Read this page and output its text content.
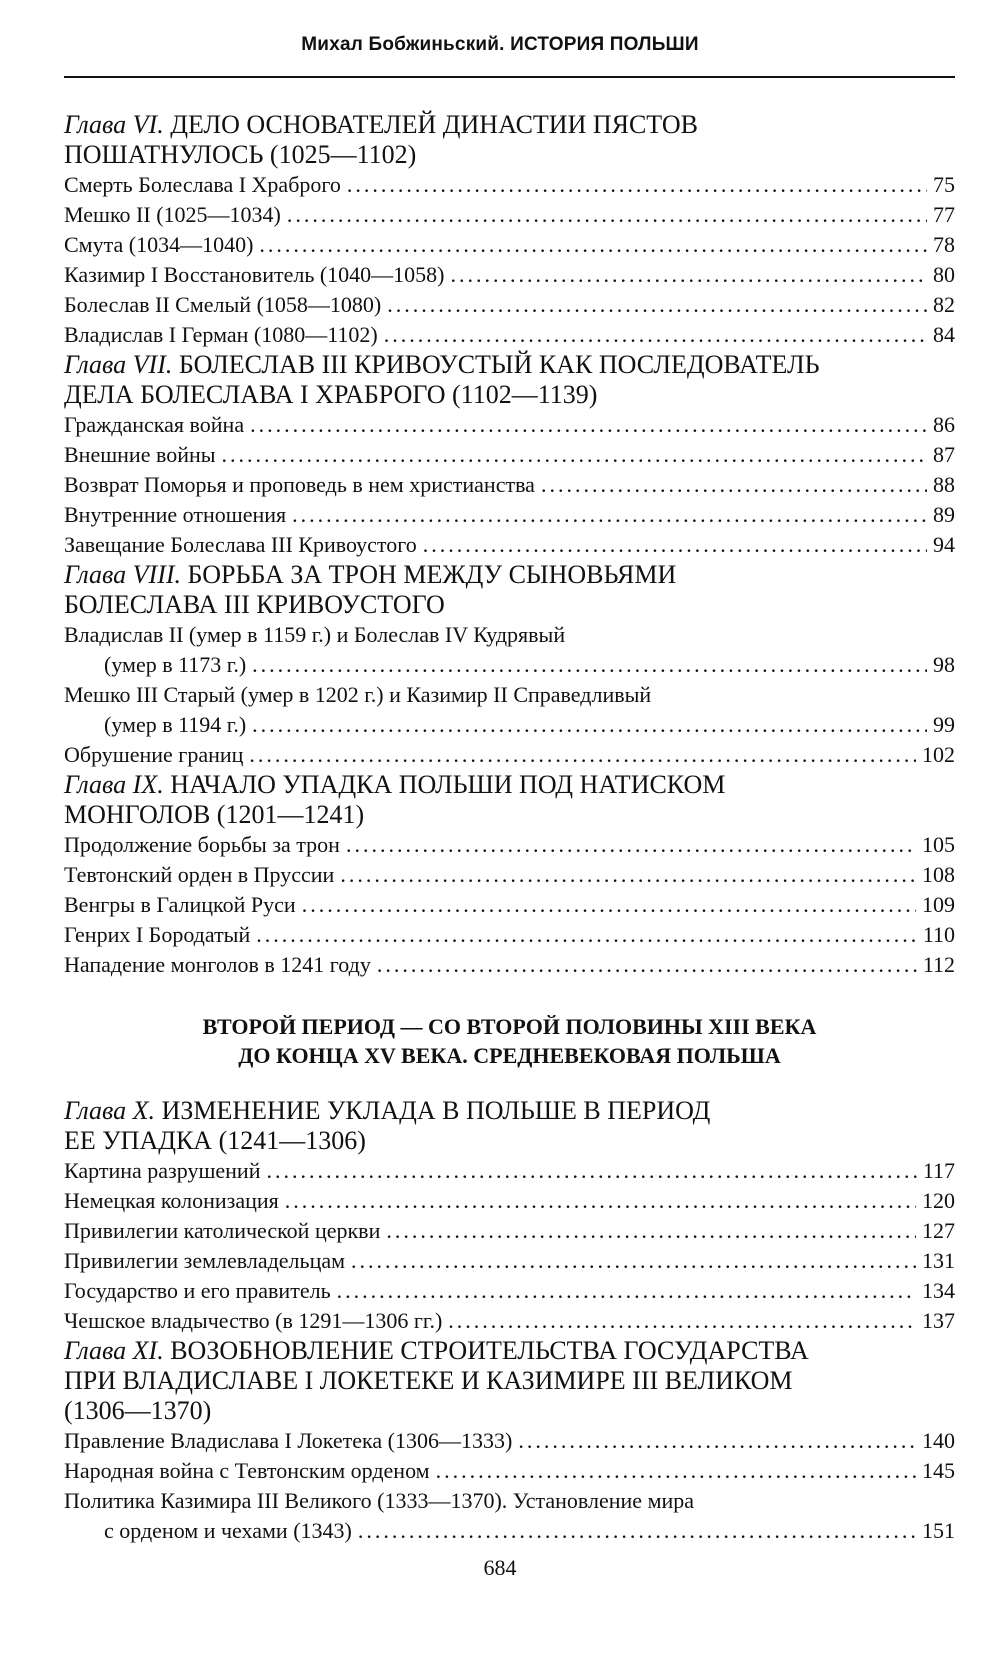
Михал Бобжиньский. ИСТОРИЯ ПОЛЬШИ
Глава VI. ДЕЛО ОСНОВАТЕЛЕЙ ДИНАСТИИ ПЯСТОВ
ПОШАТНУЛОСЬ (1025—1102)
Смерть Болеслава I Храброго .....	75
Мешко II (1025—1034) .....	77
Смута (1034—1040) .....	78
Казимир I Восстановитель (1040—1058) .....	80
Болеслав II Смелый (1058—1080) .....	82
Владислав I Герман (1080—1102) .....	84
Глава VII. БОЛЕСЛАВ III КРИВОУСТЫЙ КАК ПОСЛЕДОВАТЕЛЬ
ДЕЛА БОЛЕСЛАВА I ХРАБРОГО (1102—1139)
Гражданская война .....	86
Внешние войны .....	87
Возврат Поморья и проповедь в нем христианства .....	88
Внутренние отношения .....	89
Завещание Болеслава III Кривоустого .....	94
Глава VIII. БОРЬБА ЗА ТРОН МЕЖДУ СЫНОВЬЯМИ
БОЛЕСЛАВА III КРИВОУСТОГО
Владислав II (умер в 1159 г.) и Болеслав IV Кудрявый
(умер в 1173 г.) .....	98
Мешко III Старый (умер в 1202 г.) и Казимир II Справедливый
(умер в 1194 г.) .....	99
Обрушение границ .....	102
Глава IX. НАЧАЛО УПАДКА ПОЛЬШИ ПОД НАТИСКОМ
МОНГОЛОВ (1201—1241)
Продолжение борьбы за трон .....	105
Тевтонский орден в Пруссии .....	108
Венгры в Галицкой Руси .....	109
Генрих I Бородатый .....	110
Нападение монголов в 1241 году .....	112
ВТОРОЙ ПЕРИОД — СО ВТОРОЙ ПОЛОВИНЫ XIII ВЕКА
ДО КОНЦА XV ВЕКА. СРЕДНЕВЕКОВАЯ ПОЛЬША
Глава X. ИЗМЕНЕНИЕ УКЛАДА В ПОЛЬШЕ В ПЕРИОД
ЕЕ УПАДКА (1241—1306)
Картина разрушений .....	117
Немецкая колонизация .....	120
Привилегии католической церкви .....	127
Привилегии землевладельцам .....	131
Государство и его правитель .....	134
Чешское владычество (в 1291—1306 гг.) .....	137
Глава XI. ВОЗОБНОВЛЕНИЕ СТРОИТЕЛЬСТВА ГОСУДАРСТВА
ПРИ ВЛАДИСЛАВЕ I ЛОКЕТЕКЕ И КАЗИМИРЕ III ВЕЛИКОМ
(1306—1370)
Правление Владислава I Локетека (1306—1333) .....	140
Народная война с Тевтонским орденом .....	145
Политика Казимира III Великого (1333—1370). Установление мира
с орденом и чехами (1343) .....	151
684
